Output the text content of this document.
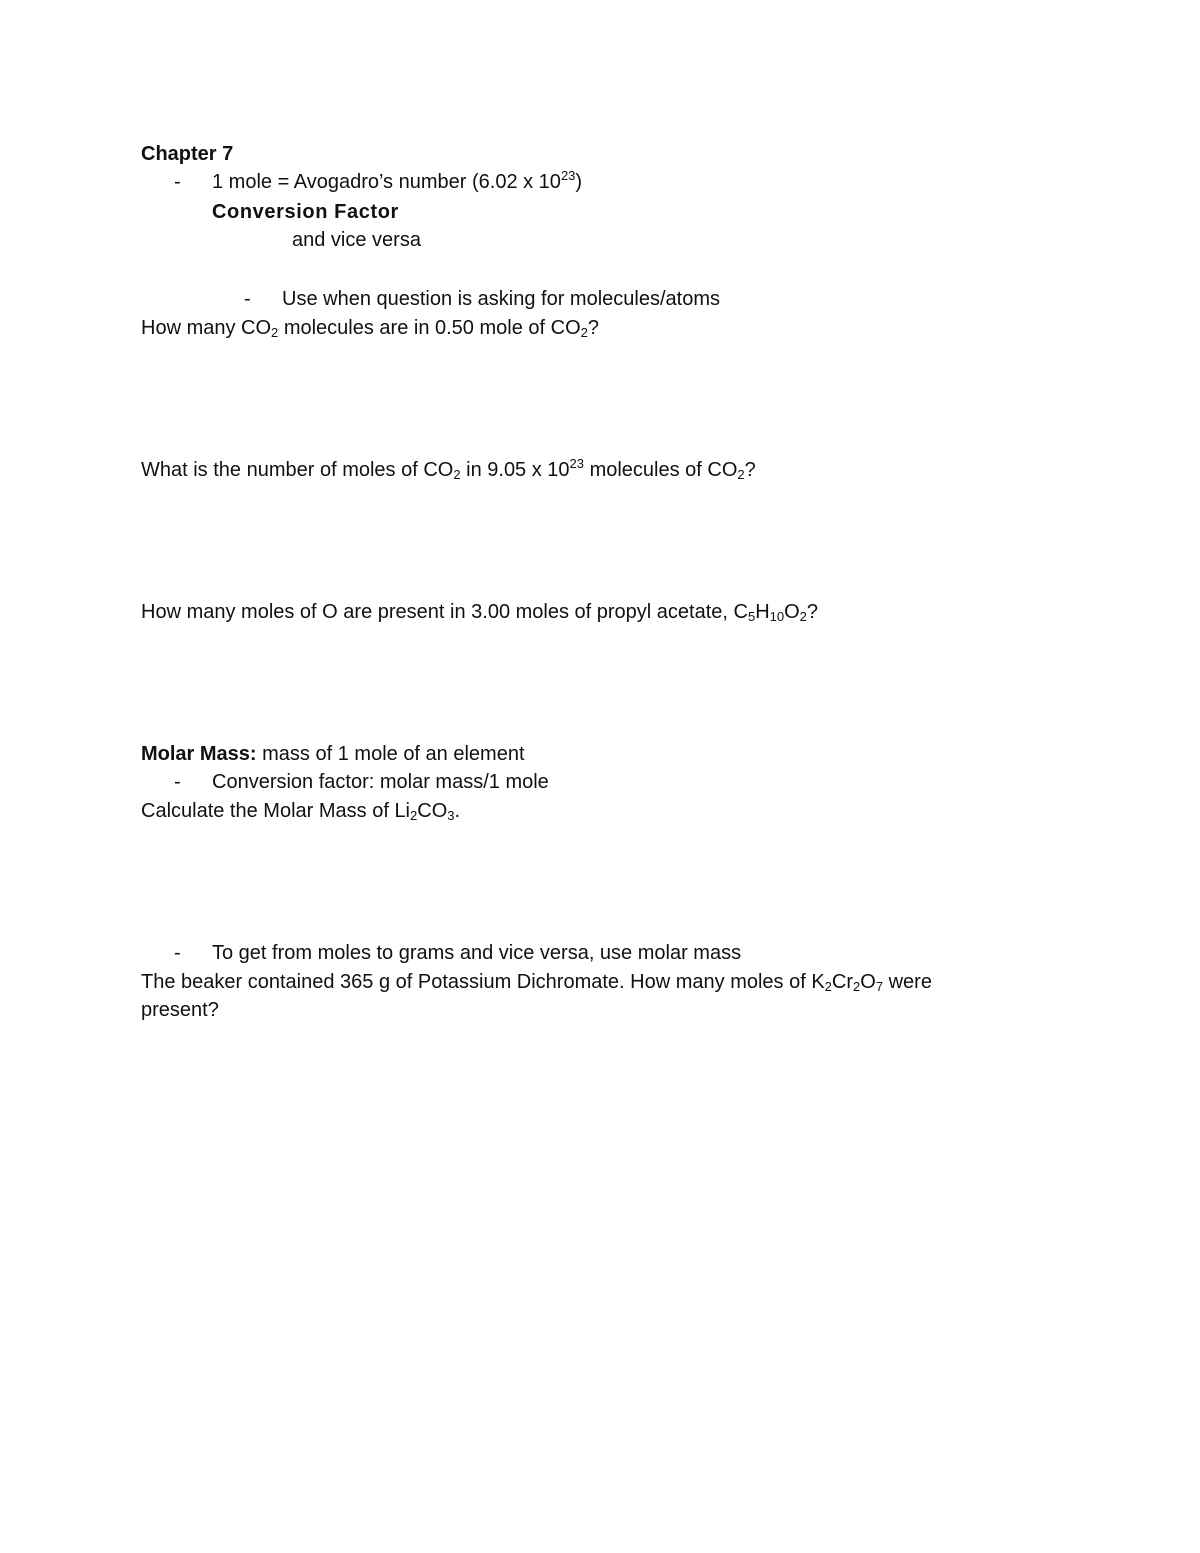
Chapter 7
- 1 mole = Avogadro’s number (6.02 x $10^{23}$)
Conversion Factor
and vice versa
- Use when question is asking for molecules/atoms
How many $CO_2$ molecules are in 0.50 mole of $CO_2$?
What is the number of moles of $CO_2$ in 9.05 x $10^{23}$ molecules of $CO_2$?
How many moles of O are present in 3.00 moles of propyl acetate, $C_5H_{10}O_2$?
Molar Mass: mass of 1 mole of an element
- Conversion factor: molar mass/1 mole
Calculate the Molar Mass of $Li_2CO_3$.
- To get from moles to grams and vice versa, use molar mass
The beaker contained 365 g of Potassium Dichromate. How many moles of $K_2Cr_2O_7$ were
present?
